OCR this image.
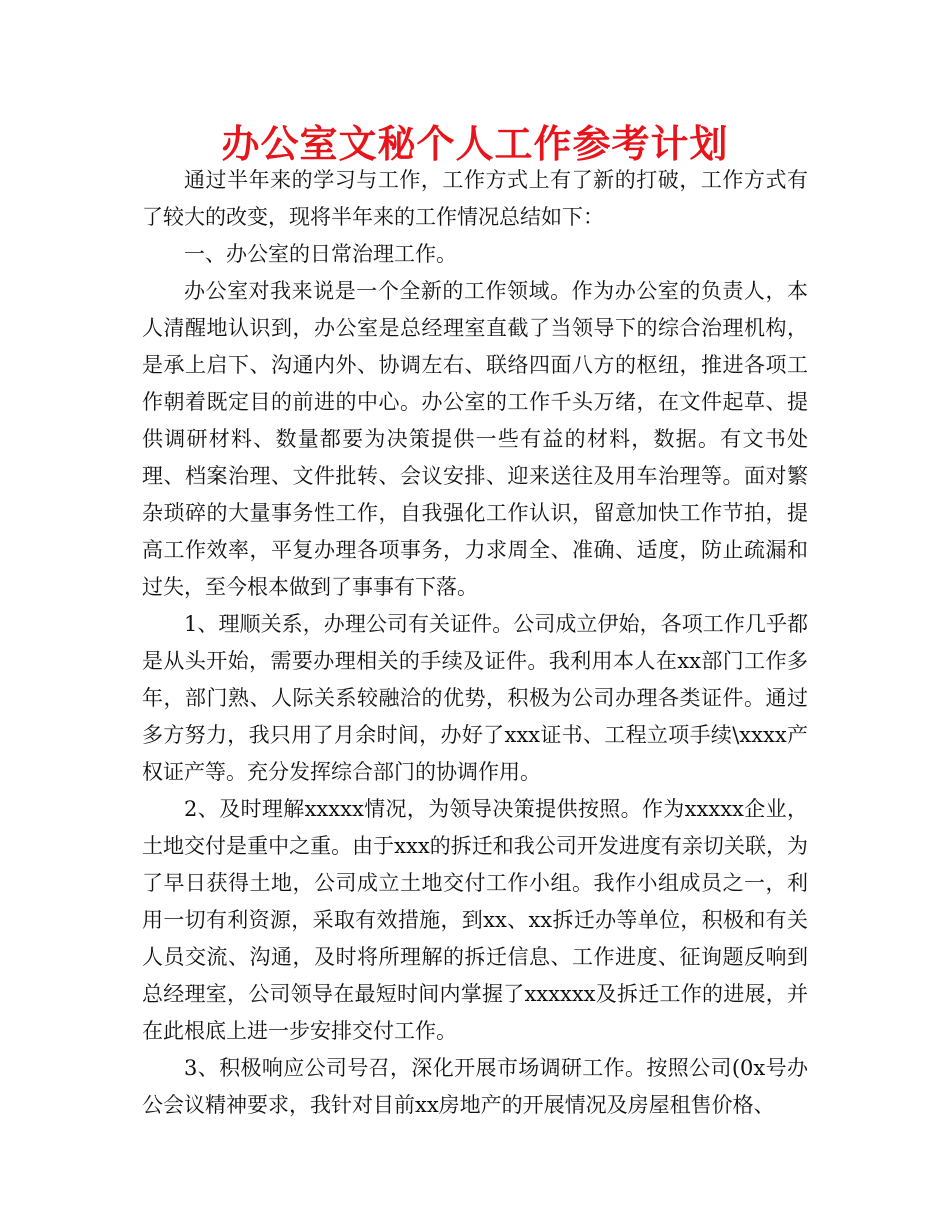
办公室文秘个人工作参考计划

通过半年来的学习与工作，工作方式上有了新的打破，工作方式有了较大的改变，现将半年来的工作情况总结如下：

一、办公室的日常治理工作。

办公室对我来说是一个全新的工作领域。作为办公室的负责人，本人清醒地认识到，办公室是总经理室直截了当领导下的综合治理机构，是承上启下、沟通内外、协调左右、联络四面八方的枢纽，推进各项工作朝着既定目的前进的中心。办公室的工作千头万绪，在文件起草、提供调研材料、数量都要为决策提供一些有益的材料，数据。有文书处理、档案治理、文件批转、会议安排、迎来送往及用车治理等。面对繁杂琐碎的大量事务性工作，自我强化工作认识，留意加快工作节拍，提高工作效率，平复办理各项事务，力求周全、准确、适度，防止疏漏和过失，至今根本做到了事事有下落。

1、理顺关系，办理公司有关证件。公司成立伊始，各项工作几乎都是从头开始，需要办理相关的手续及证件。我利用本人在xx部门工作多年，部门熟、人际关系较融洽的优势，积极为公司办理各类证件。通过多方努力，我只用了月余时间，办好了xxx证书、工程立项手续\xxxx产权证产等。充分发挥综合部门的协调作用。

2、及时理解xxxxx情况，为领导决策提供按照。作为xxxxx企业，土地交付是重中之重。由于xxx的拆迁和我公司开发进度有亲切关联，为了早日获得土地，公司成立土地交付工作小组。我作小组成员之一，利用一切有利资源，采取有效措施，到xx、xx拆迁办等单位，积极和有关人员交流、沟通，及时将所理解的拆迁信息、工作进度、征询题反响到总经理室，公司领导在最短时间内掌握了xxxxxx及拆迁工作的进展，并在此根底上进一步安排交付工作。

3、积极响应公司号召，深化开展市场调研工作。按照公司(0x号办公会议精神要求，我针对目前xx房地产的开展情况及房屋租售价格、
